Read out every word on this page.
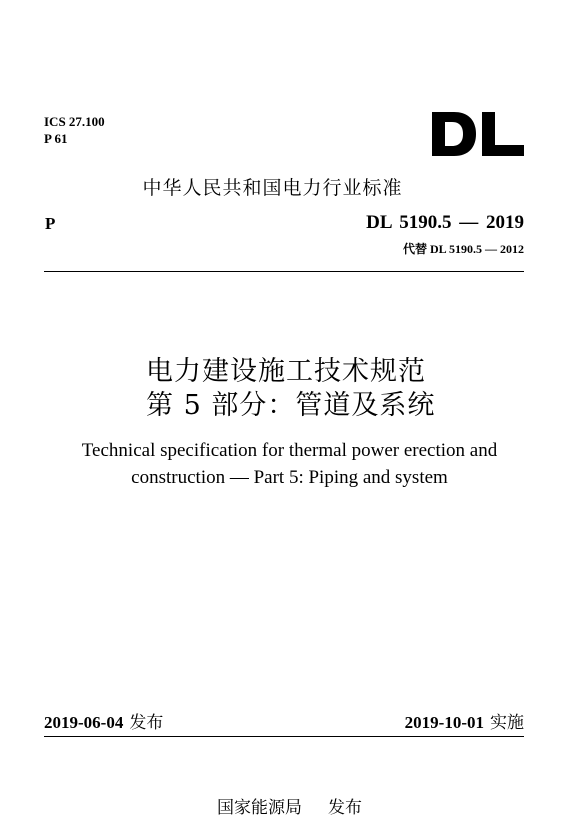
ICS 27.100
P 61
中华人民共和国电力行业标准
P	DL 5190.5 — 2019
代替 DL 5190.5 — 2012
电力建设施工技术规范
第 5 部分：管道及系统
Technical specification for thermal power erection and
construction — Part 5: Piping and system
2019-06-04 发布	2019-10-01 实施
国家能源局 发布
